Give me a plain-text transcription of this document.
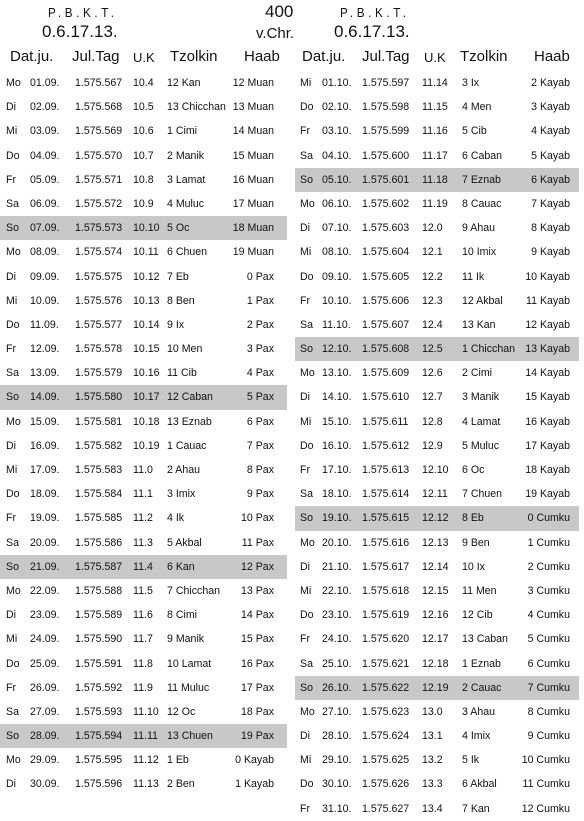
P.B.K.T.
0.6.17.13.
400
v.Chr.
P.B.K.T.
0.6.17.13.
Dat.ju. Jul.Tag U.K Tzolkin Haab Dat.ju. Jul.Tag U.K Tzolkin Haab
Mo 01.09. 1.575.567 10.4 12 Kan	12 Muan
Di 02.09. 1.575.568 10.5 13 Chicchan 13 Muan
Mi 03.09. 1.575.569 10.6 1 Cimi	14 Muan
Do 04.09. 1.575.570 10.7 2 Manik	15 Muan
Fr 05.09. 1.575.571 10.8 3 Lamat	16 Muan
Sa 06.09. 1.575.572 10.9 4 Muluc	17 Muan
So 07.09. 1.575.573 10.10 5 Oc	18 Muan
Mo 08.09. 1.575.574 10.11 6 Chuen 19 Muan
Di 09.09. 1.575.575 10.12 7 Eb	0 Pax
Mi 10.09. 1.575.576 10.13 8 Ben	1 Pax
Do 11.09. 1.575.577 10.14 9 Ix	2 Pax
Fr 12.09. 1.575.578 10.15 10 Men	3 Pax
Sa 13.09. 1.575.579 10.16 11 Cib	4 Pax
So 14.09. 1.575.580 10.17 12 Caban	5 Pax
Mo 15.09. 1.575.581 10.18 13 Eznab	6 Pax
Di 16.09. 1.575.582 10.19 1 Cauac	7 Pax
Mi 17.09. 1.575.583 11.0 2 Ahau	8 Pax
Do 18.09. 1.575.584 11.1 3 Imix	9 Pax
Fr 19.09. 1.575.585 11.2 4 Ik	10 Pax
Sa 20.09. 1.575.586 11.3 5 Akbal	11 Pax
So 21.09. 1.575.587 11.4 6 Kan	12 Pax
Mo 22.09. 1.575.588 11.5 7 Chicchan 13 Pax
Di 23.09. 1.575.589 11.6 8 Cimi	14 Pax
Mi 24.09. 1.575.590 11.7 9 Manik	15 Pax
Do 25.09. 1.575.591 11.8 10 Lamat	16 Pax
Fr 26.09. 1.575.592 11.9 11 Muluc	17 Pax
Sa 27.09. 1.575.593 11.10 12 Oc	18 Pax
So 28.09. 1.575.594 11.11 13 Chuen	19 Pax
Mo 29.09. 1.575.595 11.12 1 Eb	0 Kayab
Di 30.09. 1.575.596 11.13 2 Ben	1 Kayab
Mi 01.10. 1.575.597 11.14 3 Ix	2 Kayab
Do 02.10. 1.575.598 11.15 4 Men	3 Kayab
Fr 03.10. 1.575.599 11.16 5 Cib	4 Kayab
Sa 04.10. 1.575.600 11.17 6 Caban	5 Kayab
So 05.10. 1.575.601 11.18 7 Eznab	6 Kayab
Mo 06.10. 1.575.602 11.19 8 Cauac	7 Kayab
Di 07.10. 1.575.603 12.0 9 Ahau	8 Kayab
Mi 08.10. 1.575.604 12.1 10 Imix	9 Kayab
Do 09.10. 1.575.605 12.2 11 Ik	10 Kayab
Fr 10.10. 1.575.606 12.3 12 Akbal 11 Kayab
Sa 11.10. 1.575.607 12.4 13 Kan	12 Kayab
So 12.10. 1.575.608 12.5 1 Chicchan 13 Kayab
Mo 13.10. 1.575.609 12.6 2 Cimi	14 Kayab
Di 14.10. 1.575.610 12.7 3 Manik 15 Kayab
Mi 15.10. 1.575.611 12.8 4 Lamat 16 Kayab
Do 16.10. 1.575.612 12.9 5 Muluc 17 Kayab
Fr 17.10. 1.575.613 12.10 6 Oc	18 Kayab
Sa 18.10. 1.575.614 12.11 7 Chuen 19 Kayab
So 19.10. 1.575.615 12.12 8 Eb	0 Cumku
Mo 20.10. 1.575.616 12.13 9 Ben	1 Cumku
Di 21.10. 1.575.617 12.14 10 Ix	2 Cumku
Mi 22.10. 1.575.618 12.15 11 Men	3 Cumku
Do 23.10. 1.575.619 12.16 12 Cib	4 Cumku
Fr 24.10. 1.575.620 12.17 13 Caban 5 Cumku
Sa 25.10. 1.575.621 12.18 1 Eznab	6 Cumku
So 26.10. 1.575.622 12.19 2 Cauac 7 Cumku
Mo 27.10. 1.575.623 13.0 3 Ahau	8 Cumku
Di 28.10. 1.575.624 13.1 4 Imix	9 Cumku
Mi 29.10. 1.575.625 13.2 5 Ik	10 Cumku
Do 30.10. 1.575.626 13.3 6 Akbal 11 Cumku
Fr 31.10. 1.575.627 13.4 7 Kan	12 Cumku
